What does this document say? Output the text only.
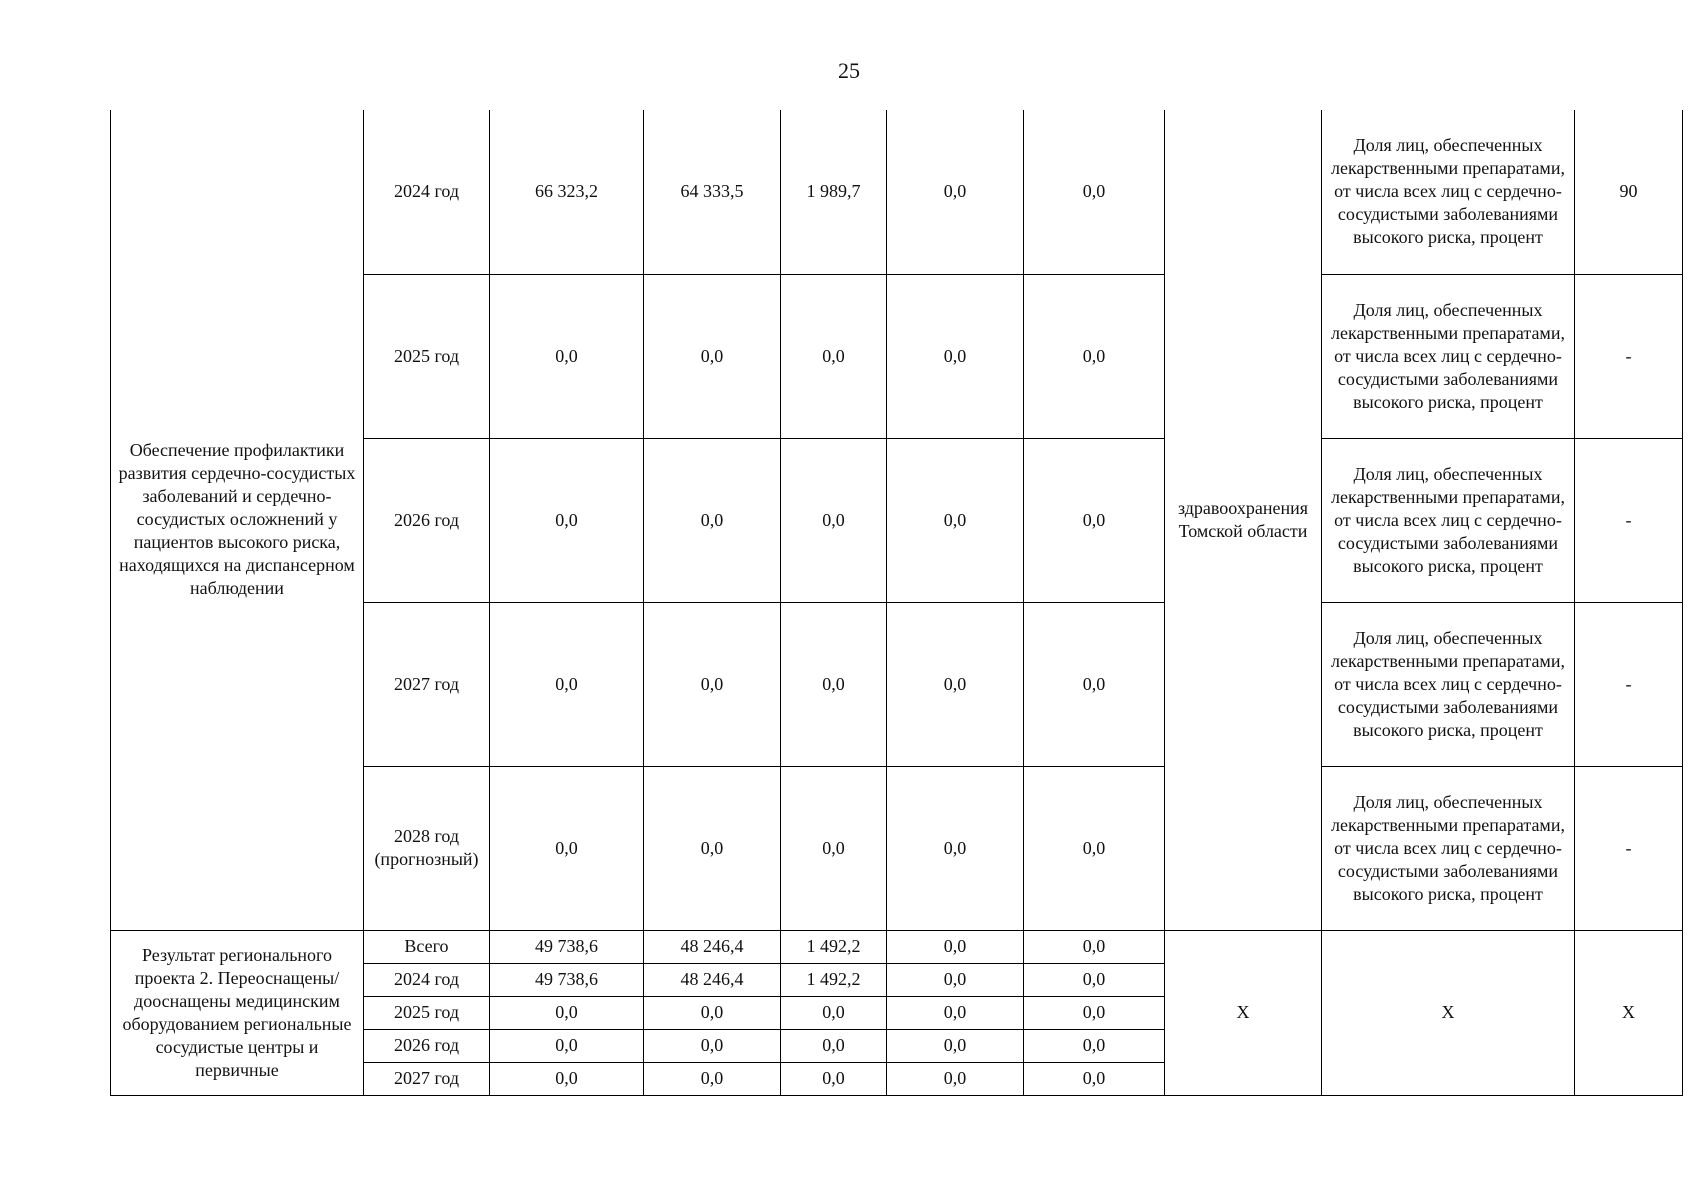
25
Обеспечение профилактики развития сердечно-сосудистых заболеваний и сердечно-сосудистых осложнений у пациентов высокого риска, находящихся на диспансерном наблюдении	2024 год	66 323,2	64 333,5	1 989,7	0,0	0,0	здравоохранения Томской области	Доля лиц, обеспеченных лекарственными препаратами, от числа всех лиц с сердечно-сосудистыми заболеваниями высокого риска, процент	90
	2025 год	0,0	0,0	0,0	0,0	0,0		Доля лиц, обеспеченных лекарственными препаратами, от числа всех лиц с сердечно-сосудистыми заболеваниями высокого риска, процент	-
	2026 год	0,0	0,0	0,0	0,0	0,0		Доля лиц, обеспеченных лекарственными препаратами, от числа всех лиц с сердечно-сосудистыми заболеваниями высокого риска, процент	-
	2027 год	0,0	0,0	0,0	0,0	0,0		Доля лиц, обеспеченных лекарственными препаратами, от числа всех лиц с сердечно-сосудистыми заболеваниями высокого риска, процент	-
	2028 год (прогнозный)	0,0	0,0	0,0	0,0	0,0		Доля лиц, обеспеченных лекарственными препаратами, от числа всех лиц с сердечно-сосудистыми заболеваниями высокого риска, процент	-
Результат регионального проекта 2. Переоснащены/дооснащены медицинским оборудованием региональные сосудистые центры и первичные	Всего	49 738,6	48 246,4	1 492,2	0,0	0,0	Х	Х	Х
	2024 год	49 738,6	48 246,4	1 492,2	0,0	0,0			
	2025 год	0,0	0,0	0,0	0,0	0,0			
	2026 год	0,0	0,0	0,0	0,0	0,0			
	2027 год	0,0	0,0	0,0	0,0	0,0			
